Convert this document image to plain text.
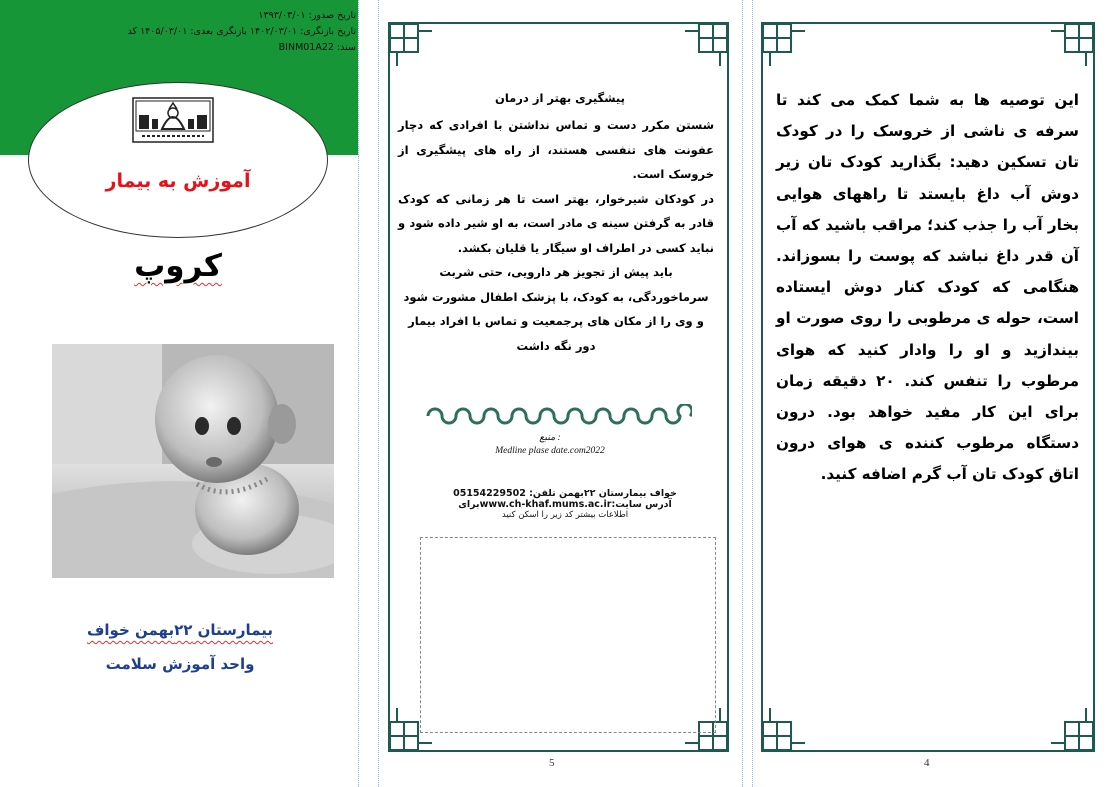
تاریخ صدور: ۱۳۹۳/۰۳/۰۱
تاریخ بازنگری: ۱۴۰۲/۰۳/۰۱ بازنگری بعدی: ۱۴۰۵/۰۳/۰۱ کد
سند: BINM01A22
آموزش به بیمار
کروپ
بیمارستان ۲۲بهمن خواف
واحد آموزش سلامت
پیشگیری بهتر از درمان

شستن مکرر دست و تماس نداشتن با افرادی که دچار عفونت های تنفسی هستند، از راه های پیشگیری از خروسک است.

در کودکان شیرخوار، بهتر است تا هر زمانی که کودک قادر به گرفتن سینه ی مادر است، به او شیر داده شود و نباید کسی در اطراف او سیگار یا قلیان بکشد.

باید پیش از تجویز هر دارویی، حتی شربت سرماخوردگی، به کودک، با پزشک اطفال مشورت شود و وی را از مکان های پرجمعیت و تماس با افراد بیمار دور نگه داشت

منبع :
Medline plase date.com2022
خواف بیمارستان ۲۲بهمن تلفن: 05154229502
آدرس سایت:www.ch-khaf.mums.ac.irبرای
اطلاعات بیشتر کد زیر را اسکن کنید
5
این توصیه ها به شما کمک می کند تا سرفه ی ناشی از خروسک را در کودک تان تسکین دهید: بگذارید کودک تان زیر دوش آب داغ بایستد تا راههای هوایی بخار آب را جذب کند؛ مراقب باشید که آب آن قدر داغ نباشد که پوست را بسوزاند. هنگامی که کودک کنار دوش ایستاده است، حوله ی مرطوبی را روی صورت او بیندازید و او را وادار کنید که هوای مرطوب را تنفس کند. ۲۰ دقیقه زمان برای این کار مفید خواهد بود. درون دستگاه مرطوب کننده ی هوای درون اتاق کودک تان آب گرم اضافه کنید.
4
